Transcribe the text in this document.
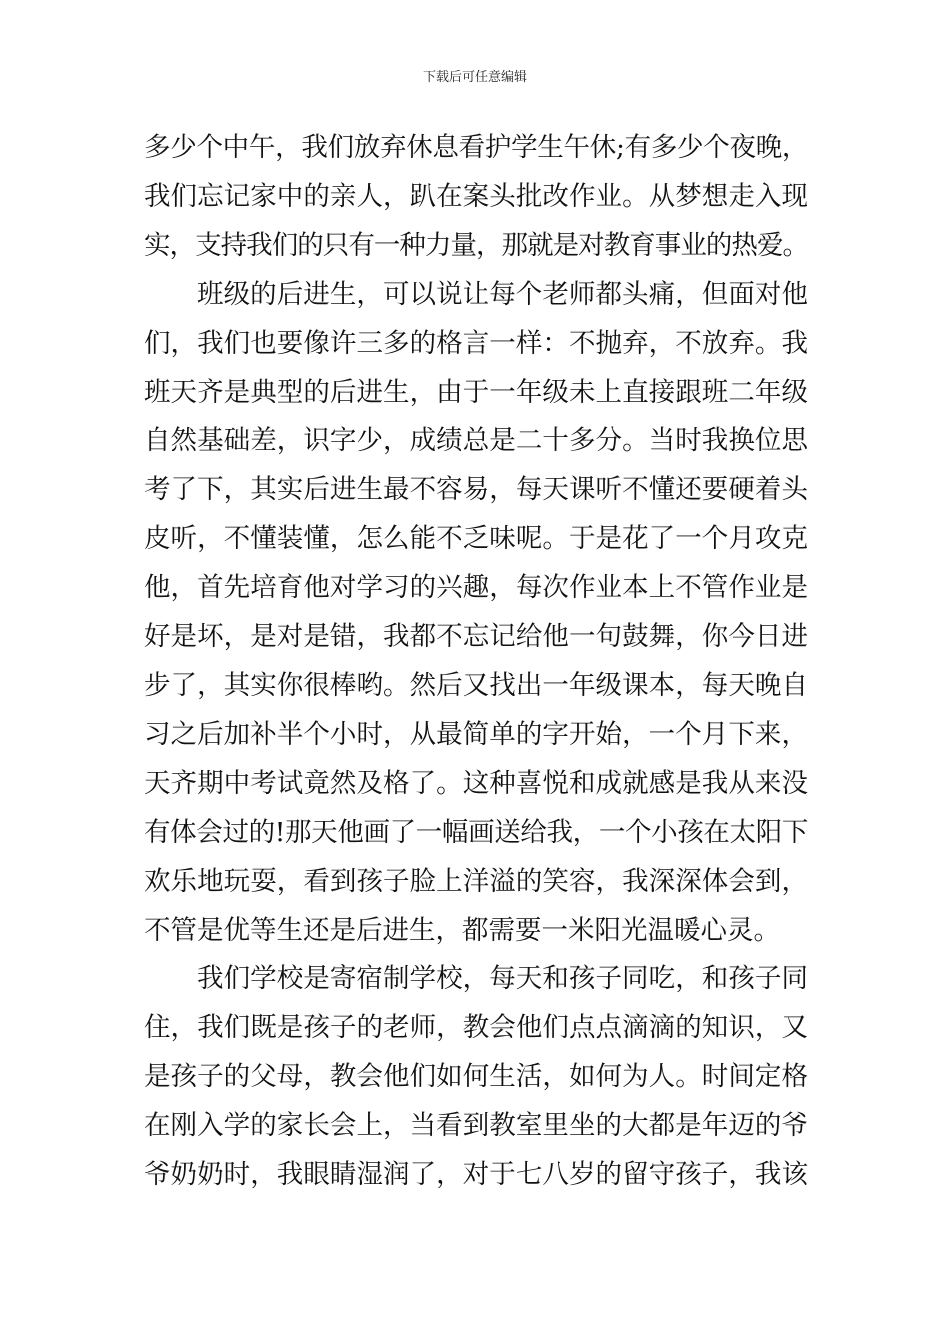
下载后可任意编辑
多少个中午，我们放弃休息看护学生午休;有多少个夜晚，
我们忘记家中的亲人，趴在案头批改作业。从梦想走入现
实，支持我们的只有一种力量，那就是对教育事业的热爱。
班级的后进生，可以说让每个老师都头痛，但面对他
们，我们也要像许三多的格言一样：不抛弃，不放弃。我
班天齐是典型的后进生，由于一年级未上直接跟班二年级
自然基础差，识字少，成绩总是二十多分。当时我换位思
考了下，其实后进生最不容易，每天课听不懂还要硬着头
皮听，不懂装懂，怎么能不乏味呢。于是花了一个月攻克
他，首先培育他对学习的兴趣，每次作业本上不管作业是
好是坏，是对是错，我都不忘记给他一句鼓舞，你今日进
步了，其实你很棒哟。然后又找出一年级课本，每天晚自
习之后加补半个小时，从最简单的字开始，一个月下来，
天齐期中考试竟然及格了。这种喜悦和成就感是我从来没
有体会过的!那天他画了一幅画送给我，一个小孩在太阳下
欢乐地玩耍，看到孩子脸上洋溢的笑容，我深深体会到，
不管是优等生还是后进生，都需要一米阳光温暖心灵。
我们学校是寄宿制学校，每天和孩子同吃，和孩子同
住，我们既是孩子的老师，教会他们点点滴滴的知识，又
是孩子的父母，教会他们如何生活，如何为人。时间定格
在刚入学的家长会上，当看到教室里坐的大都是年迈的爷
爷奶奶时，我眼睛湿润了，对于七八岁的留守孩子，我该
